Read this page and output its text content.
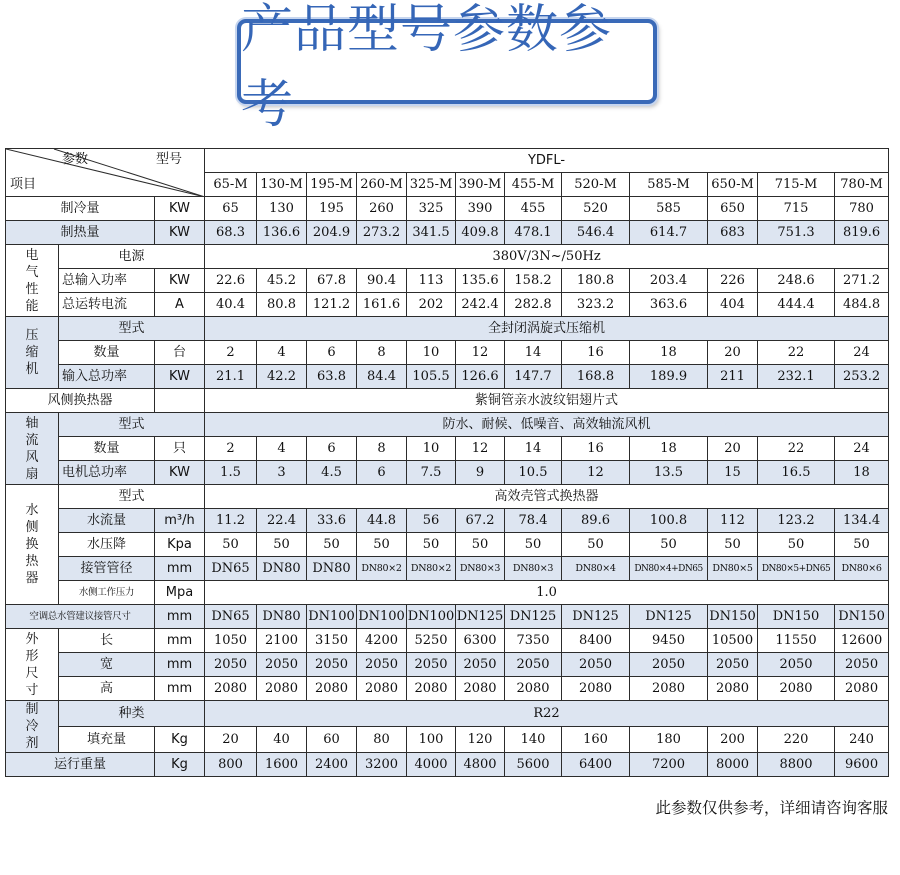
产品型号参数参考
参数 型号
项目			YDFL-											
			65-M	130-M	195-M	260-M	325-M	390-M	455-M	520-M	585-M	650-M	715-M	780-M
制冷量		KW	65	130	195	260	325	390	455	520	585	650	715	780
制热量		KW	68.3	136.6	204.9	273.2	341.5	409.8	478.1	546.4	614.7	683	751.3	819.6

电
气
性
能	电源		380V/3N~/50Hz											
	总输入功率	KW	22.6	45.2	67.8	90.4	113	135.6	158.2	180.8	203.4	226	248.6	271.2
	总运转电流	A	40.4	80.8	121.2	161.6	202	242.4	282.8	323.2	363.6	404	444.4	484.8

压
缩
机	型式		全封闭涡旋式压缩机											
	数量	台	2	4	6	8	10	12	14	16	18	20	22	24
	输入总功率	KW	21.1	42.2	63.8	84.4	105.5	126.6	147.7	168.8	189.9	211	232.1	253.2
风侧换热器			紫铜管亲水波纹铝翅片式											

轴
流
风
扇	型式		防水、耐候、低噪音、高效轴流风机											
	数量	只	2	4	6	8	10	12	14	16	18	20	22	24
	电机总功率	KW	1.5	3	4.5	6	7.5	9	10.5	12	13.5	15	16.5	18

水
侧
换
热
器	型式		高效壳管式换热器											
	水流量	m³/h	11.2	22.4	33.6	44.8	56	67.2	78.4	89.6	100.8	112	123.2	134.4
	水压降	Kpa	50	50	50	50	50	50	50	50	50	50	50	50
	接管管径	mm	DN65	DN80	DN80	DN80×2	DN80×2	DN80×3	DN80×3	DN80×4	DN80×4+DN65	DN80×5	DN80×5+DN65	DN80×6
	水侧工作压力	Mpa	1.0											
空调总水管建议接管尺寸		mm	DN65	DN80	DN100	DN100	DN100	DN125	DN125	DN125	DN125	DN150	DN150	DN150

外
形
尺
寸	长	mm	1050	2100	3150	4200	5250	6300	7350	8400	9450	10500	11550	12600
	宽	mm	2050	2050	2050	2050	2050	2050	2050	2050	2050	2050	2050	2050
	高	mm	2080	2080	2080	2080	2080	2080	2080	2080	2080	2080	2080	2080

制
冷
剂	种类		R22											
	填充量	Kg	20	40	60	80	100	120	140	160	180	200	220	240
运行重量		Kg	800	1600	2400	3200	4000	4800	5600	6400	7200	8000	8800	9600
此参数仅供参考，详细请咨询客服
